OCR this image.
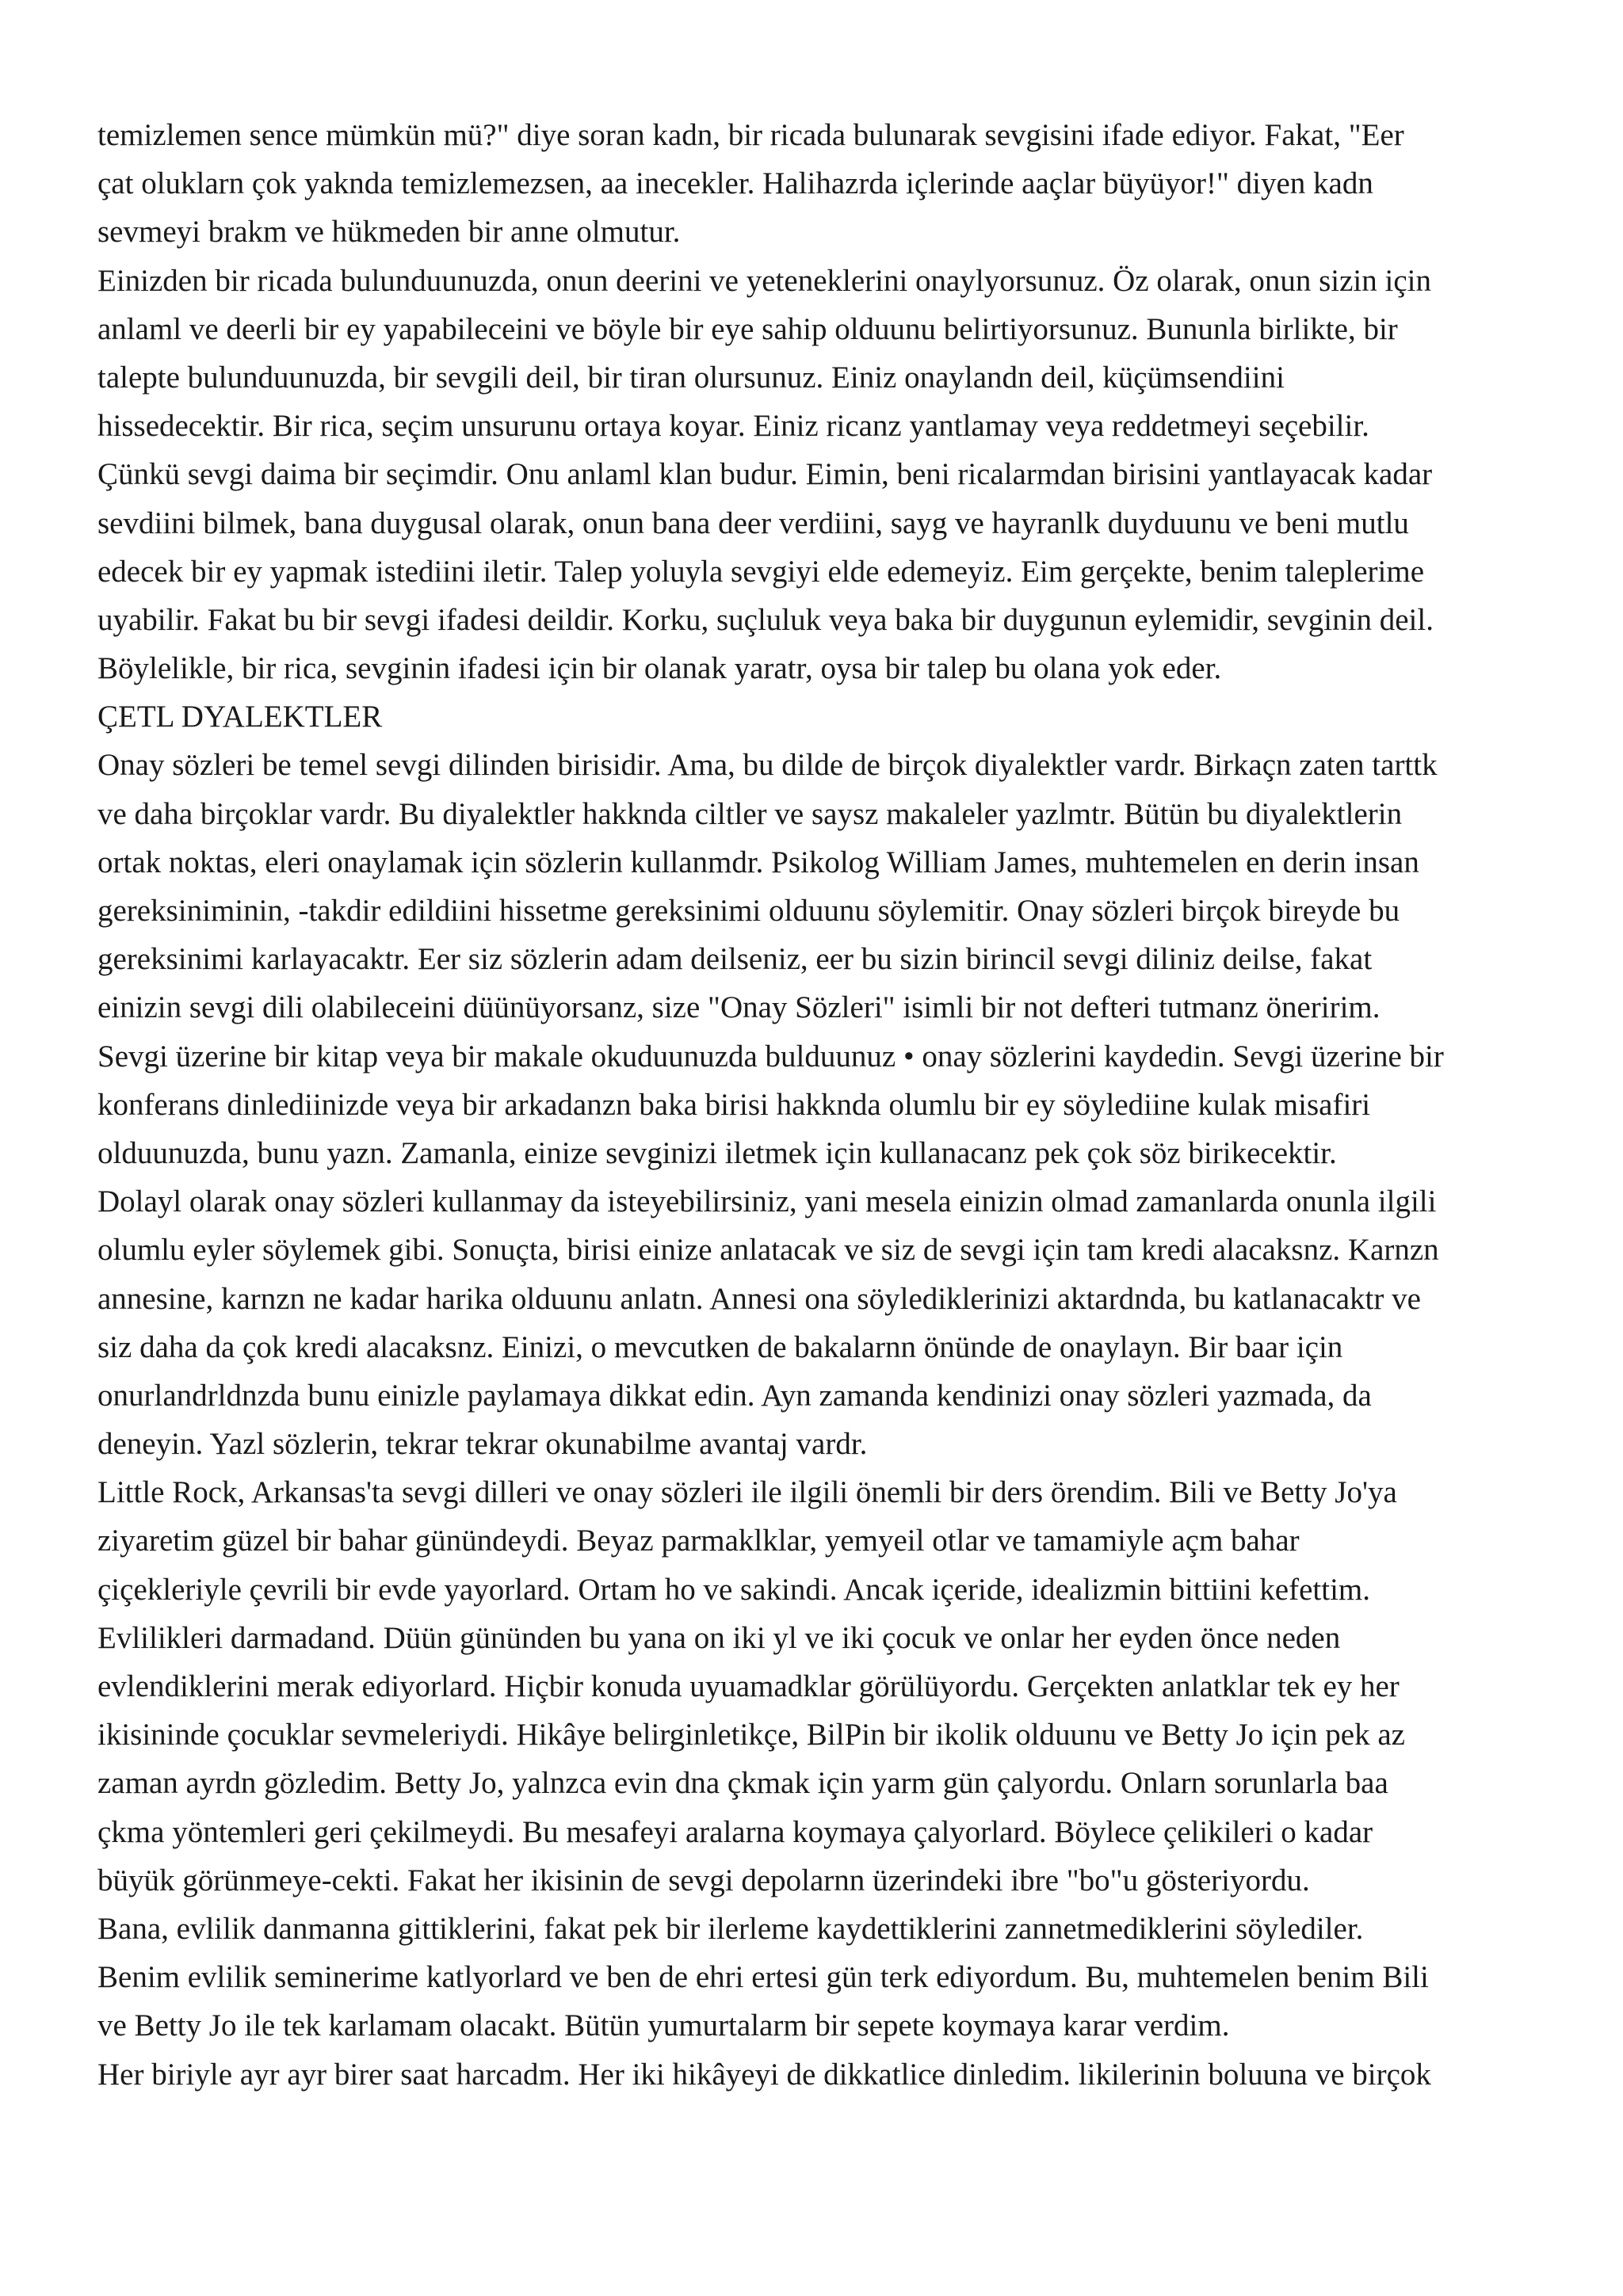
temizlemen sence mümkün mü?" diye soran kadn, bir ricada bulunarak sevgisini ifade ediyor. Fakat, "Eer
çat oluklarn çok yaknda temizlemezsen, aa inecekler. Halihazrda içlerinde aaçlar büyüyor!" diyen kadn
sevmeyi brakm ve hükmeden bir anne olmutur.
Einizden bir ricada bulunduunuzda, onun deerini ve yeteneklerini onaylyorsunuz. Öz olarak, onun sizin için
anlaml ve deerli bir ey yapabileceini ve böyle bir eye sahip olduunu belirtiyorsunuz. Bununla birlikte, bir
talepte bulunduunuzda, bir sevgili deil, bir tiran olursunuz. Einiz onaylandn deil, küçümsendiini
hissedecektir. Bir rica, seçim unsurunu ortaya koyar. Einiz ricanz yantlamay veya reddetmeyi seçebilir.
Çünkü sevgi daima bir seçimdir. Onu anlaml klan budur. Eimin, beni ricalarmdan birisini yantlayacak kadar
sevdiini bilmek, bana duygusal olarak, onun bana deer verdiini, sayg ve hayranlk duyduunu ve beni mutlu
edecek bir ey yapmak istediini iletir. Talep yoluyla sevgiyi elde edemeyiz. Eim gerçekte, benim taleplerime
uyabilir. Fakat bu bir sevgi ifadesi deildir. Korku, suçluluk veya baka bir duygunun eylemidir, sevginin deil.
Böylelikle, bir rica, sevginin ifadesi için bir olanak yaratr, oysa bir talep bu olana yok eder.
ÇETL DYALEKTLER
Onay sözleri be temel sevgi dilinden birisidir. Ama, bu dilde de birçok diyalektler vardr. Birkaçn zaten tarttk
ve daha birçoklar vardr. Bu diyalektler hakknda ciltler ve saysz makaleler yazlmtr. Bütün bu diyalektlerin
ortak noktas, eleri onaylamak için sözlerin kullanmdr. Psikolog William James, muhtemelen en derin insan
gereksiniminin, -takdir edildiini hissetme gereksinimi olduunu söylemitir. Onay sözleri birçok bireyde bu
gereksinimi karlayacaktr. Eer siz sözlerin adam deilseniz, eer bu sizin birincil sevgi diliniz deilse, fakat
einizin sevgi dili olabileceini düünüyorsanz, size "Onay Sözleri" isimli bir not defteri tutmanz öneririm.
Sevgi üzerine bir kitap veya bir makale okuduunuzda bulduunuz • onay sözlerini kaydedin. Sevgi üzerine bir
konferans dinlediinizde veya bir arkadanzn baka birisi hakknda olumlu bir ey söylediine kulak misafiri
olduunuzda, bunu yazn. Zamanla, einize sevginizi iletmek için kullanacanz pek çok söz birikecektir.
Dolayl olarak onay sözleri kullanmay da isteyebilirsiniz, yani mesela einizin olmad zamanlarda onunla ilgili
olumlu eyler söylemek gibi. Sonuçta, birisi einize anlatacak ve siz de sevgi için tam kredi alacaksnz. Karnzn
annesine, karnzn ne kadar harika olduunu anlatn. Annesi ona söylediklerinizi aktardnda, bu katlanacaktr ve
siz daha da çok kredi alacaksnz. Einizi, o mevcutken de bakalarnn önünde de onaylayn. Bir baar için
onurlandrldnzda bunu einizle paylamaya dikkat edin. Ayn zamanda kendinizi onay sözleri yazmada, da
deneyin. Yazl sözlerin, tekrar tekrar okunabilme avantaj vardr.
Little Rock, Arkansas'ta sevgi dilleri ve onay sözleri ile ilgili önemli bir ders örendim. Bili ve Betty Jo'ya
ziyaretim güzel bir bahar günündeydi. Beyaz parmaklklar, yemyeil otlar ve tamamiyle açm bahar
çiçekleriyle çevrili bir evde yayorlard. Ortam ho ve sakindi. Ancak içeride, idealizmin bittiini kefettim.
Evlilikleri darmadand. Düün gününden bu yana on iki yl ve iki çocuk ve onlar her eyden önce neden
evlendiklerini merak ediyorlard. Hiçbir konuda uyuamadklar görülüyordu. Gerçekten anlatklar tek ey her
ikisininde çocuklar sevmeleriydi. Hikâye belirginletikçe, BilPin bir ikolik olduunu ve Betty Jo için pek az
zaman ayrdn gözledim. Betty Jo, yalnzca evin dna çkmak için yarm gün çalyordu. Onlarn sorunlarla baa
çkma yöntemleri geri çekilmeydi. Bu mesafeyi aralarna koymaya çalyorlard. Böylece çelikileri o kadar
büyük görünmeye-cekti. Fakat her ikisinin de sevgi depolarnn üzerindeki ibre "bo"u gösteriyordu.
Bana, evlilik danmanna gittiklerini, fakat pek bir ilerleme kaydettiklerini zannetmediklerini söylediler.
Benim evlilik seminerime katlyorlard ve ben de ehri ertesi gün terk ediyordum. Bu, muhtemelen benim Bili
ve Betty Jo ile tek karlamam olacakt. Bütün yumurtalarm bir sepete koymaya karar verdim.
Her biriyle ayr ayr birer saat harcadm. Her iki hikâyeyi de dikkatlice dinledim. likilerinin boluuna ve birçok
